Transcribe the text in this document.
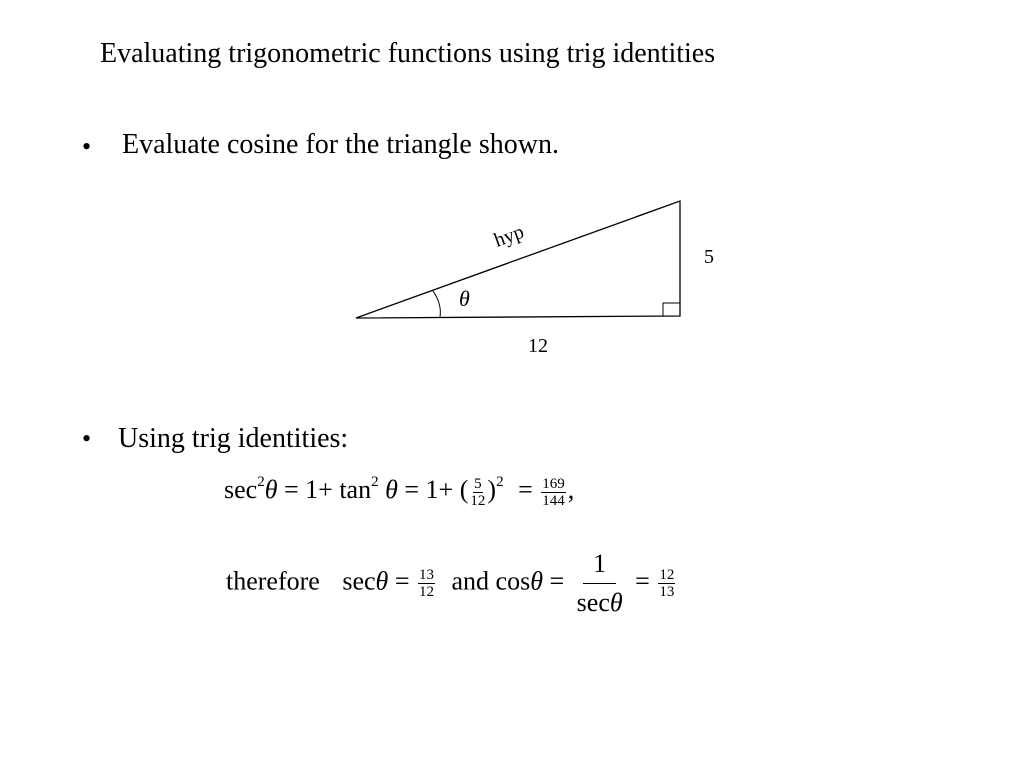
Evaluating trigonometric functions using trig identities
• Evaluate cosine for the triangle shown.
hyp
5
12
θ
• Using trig identities:
$\sec^2\theta = 1+ \tan^2 \theta = 1+$ ( $\frac{5}{12} )^2 = \frac{169}{144}$ ,
therefore $\sec\theta = \frac{13}{12}$ and $\cos\theta = \frac{1}{\sec\theta} = \frac{12}{13}$
